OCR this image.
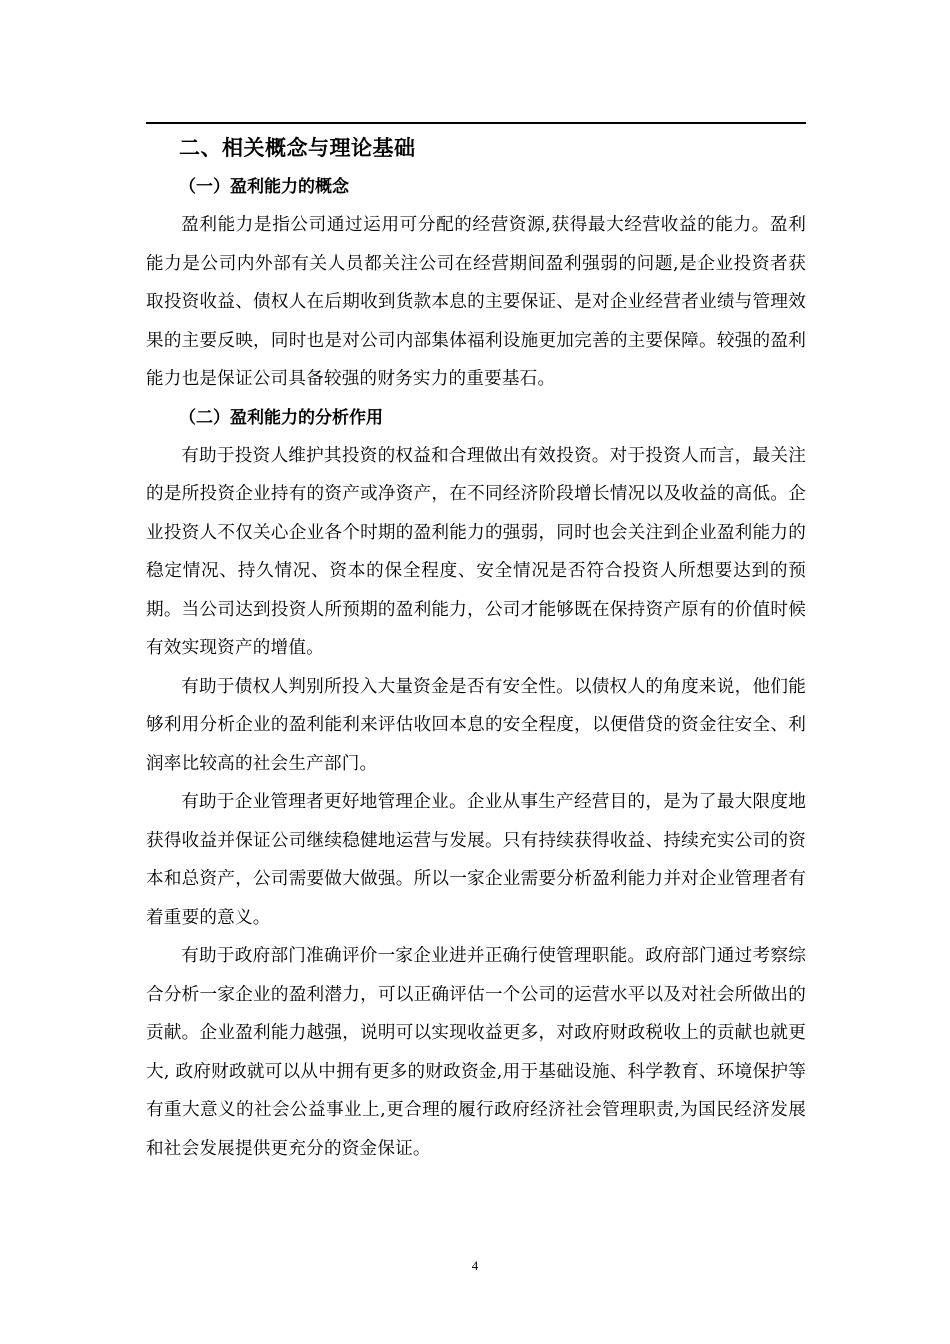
二、相关概念与理论基础
（一）盈利能力的概念

盈利能力是指公司通过运用可分配的经营资源,获得最大经营收益的能力。盈利能力是公司内外部有关人员都关注公司在经营期间盈利强弱的问题,是企业投资者获取投资收益、债权人在后期收到货款本息的主要保证、是对企业经营者业绩与管理效果的主要反映，同时也是对公司内部集体福利设施更加完善的主要保障。较强的盈利能力也是保证公司具备较强的财务实力的重要基石。

（二）盈利能力的分析作用

有助于投资人维护其投资的权益和合理做出有效投资。对于投资人而言，最关注的是所投资企业持有的资产或净资产，在不同经济阶段增长情况以及收益的高低。企业投资人不仅关心企业各个时期的盈利能力的强弱，同时也会关注到企业盈利能力的稳定情况、持久情况、资本的保全程度、安全情况是否符合投资人所想要达到的预期。当公司达到投资人所预期的盈利能力，公司才能够既在保持资产原有的价值时候有效实现资产的增值。

有助于债权人判别所投入大量资金是否有安全性。以债权人的角度来说，他们能够利用分析企业的盈利能利来评估收回本息的安全程度，以便借贷的资金往安全、利润率比较高的社会生产部门。

有助于企业管理者更好地管理企业。企业从事生产经营目的，是为了最大限度地获得收益并保证公司继续稳健地运营与发展。只有持续获得收益、持续充实公司的资本和总资产，公司需要做大做强。所以一家企业需要分析盈利能力并对企业管理者有着重要的意义。

有助于政府部门准确评价一家企业进并正确行使管理职能。政府部门通过考察综合分析一家企业的盈利潜力，可以正确评估一个公司的运营水平以及对社会所做出的贡献。企业盈利能力越强，说明可以实现收益更多，对政府财政税收上的贡献也就更大, 政府财政就可以从中拥有更多的财政资金,用于基础设施、科学教育、环境保护等有重大意义的社会公益事业上,更合理的履行政府经济社会管理职责,为国民经济发展和社会发展提供更充分的资金保证。

4
